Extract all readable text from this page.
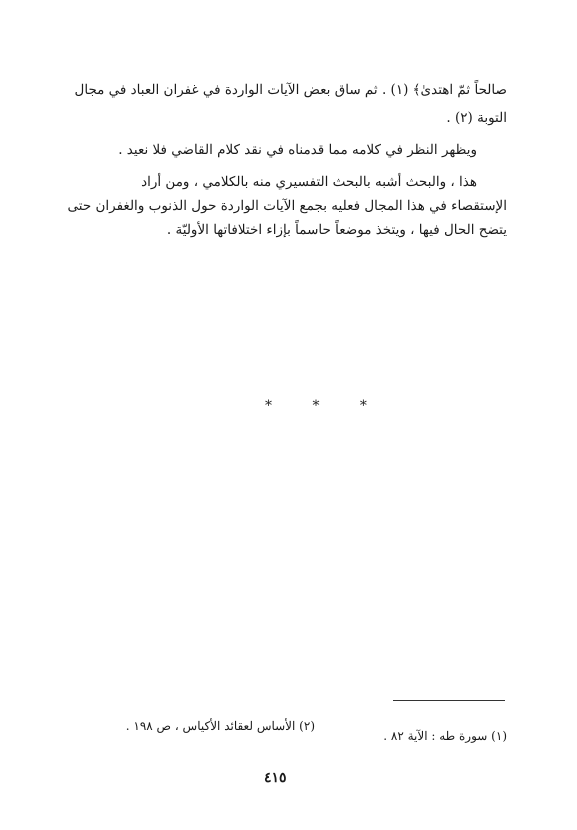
صالحاً ثمّ اهتدىٰ﴾ (١) . ثم ساق بعض الآيات الواردة في غفران العباد في مجال
التوبة (٢) .
ويظهر النظر في كلامه مما قدمناه في نقد كلام القاضي فلا نعيد .
هذا ، والبحث أشبه بالبحث التفسيري منه بالكلامي ، ومن أراد
الإستقصاء في هذا المجال فعليه بجمع الآيات الواردة حول الذنوب والغفران حتى
يتضح الحال فيها ، ويتخذ موضعاً حاسماً بإزاء اختلافاتها الأوليّة .
* * *
(١) سورة طه : الآية ٨٢ .
(٢) الأساس لعقائد الأكياس ، ص ١٩٨ .
٤١٥
